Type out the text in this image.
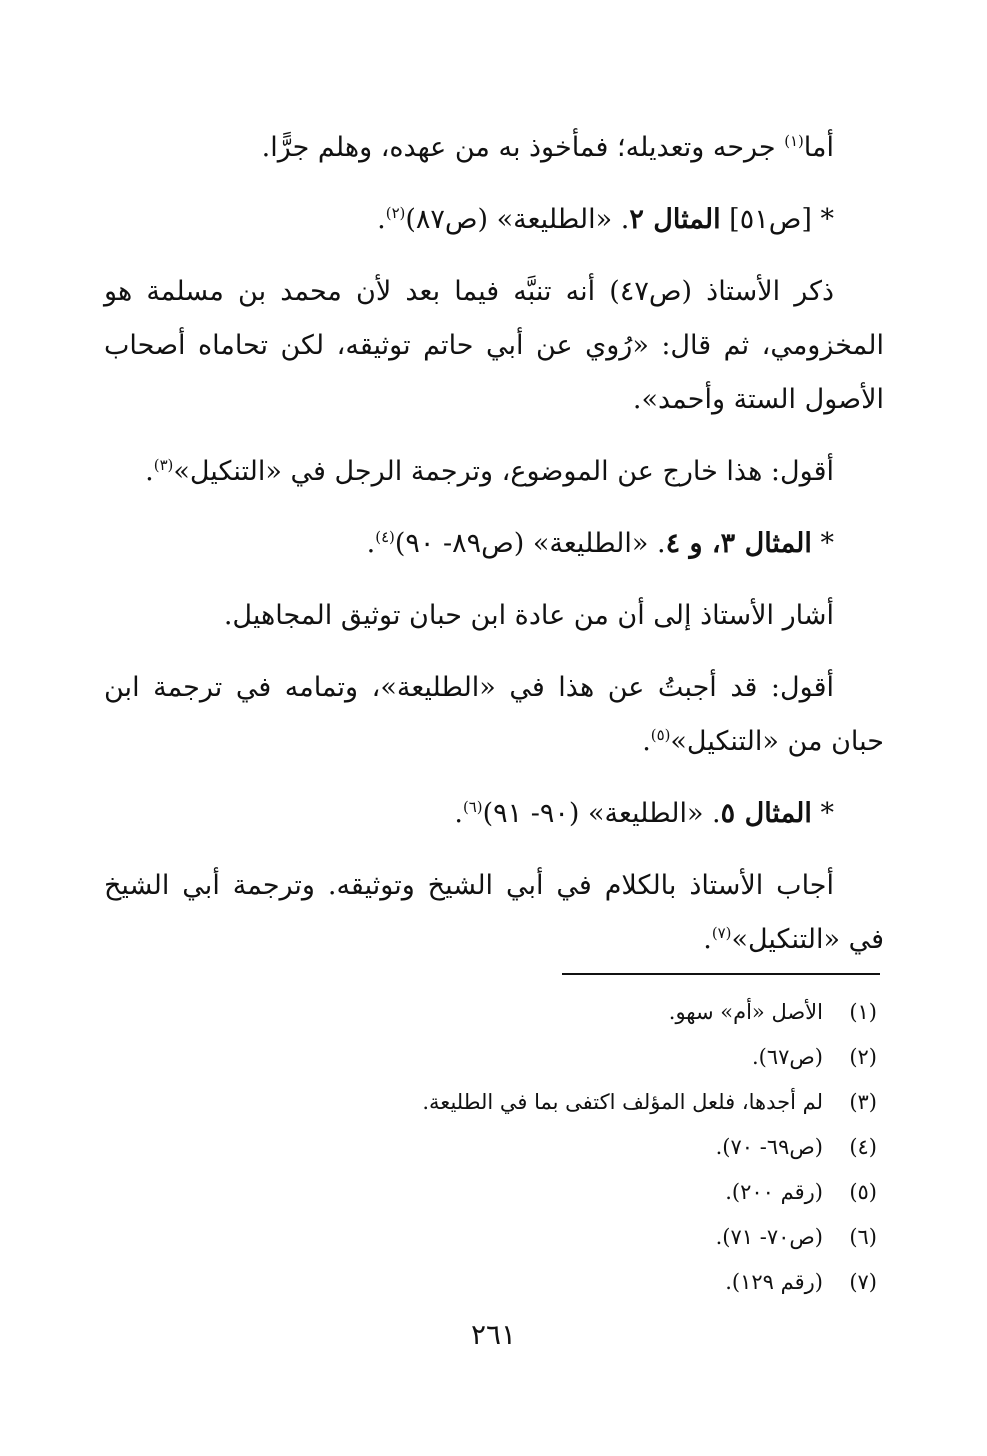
أما$^{(١)}$ جرحه وتعديله؛ فمأخوذ به من عهده، وهلم جرًّا.

* [ص٥١] المثال ٢. «الطليعة» (ص٨٧)$^{(٢)}$.

ذكر الأستاذ (ص٤٧) أنه تنبَّه فيما بعد لأن محمد بن مسلمة هو المخزومي، ثم قال: «رُوي عن أبي حاتم توثيقه، لكن تحاماه أصحاب الأصول الستة وأحمد».

أقول: هذا خارج عن الموضوع، وترجمة الرجل في «التنكيل»$^{(٣)}$.

* المثال ٣، و ٤. «الطليعة» (ص٨٩- ٩٠)$^{(٤)}$.

أشار الأستاذ إلى أن من عادة ابن حبان توثيق المجاهيل.

أقول: قد أجبتُ عن هذا في «الطليعة»، وتمامه في ترجمة ابن حبان من «التنكيل»$^{(٥)}$.

* المثال ٥. «الطليعة» (٩٠- ٩١)$^{(٦)}$.

أجاب الأستاذ بالكلام في أبي الشيخ وتوثيقه. وترجمة أبي الشيخ في «التنكيل»$^{(٧)}$.

(١)
الأصل «أم» سهو.
(٢)
(ص٦٧).
(٣)
لم أجدها، فلعل المؤلف اكتفى بما في الطليعة.
(٤)
(ص٦٩- ٧٠).
(٥)
(رقم ٢٠٠).
(٦)
(ص٧٠- ٧١).
(٧)
(رقم ١٢٩).
٢٦١
